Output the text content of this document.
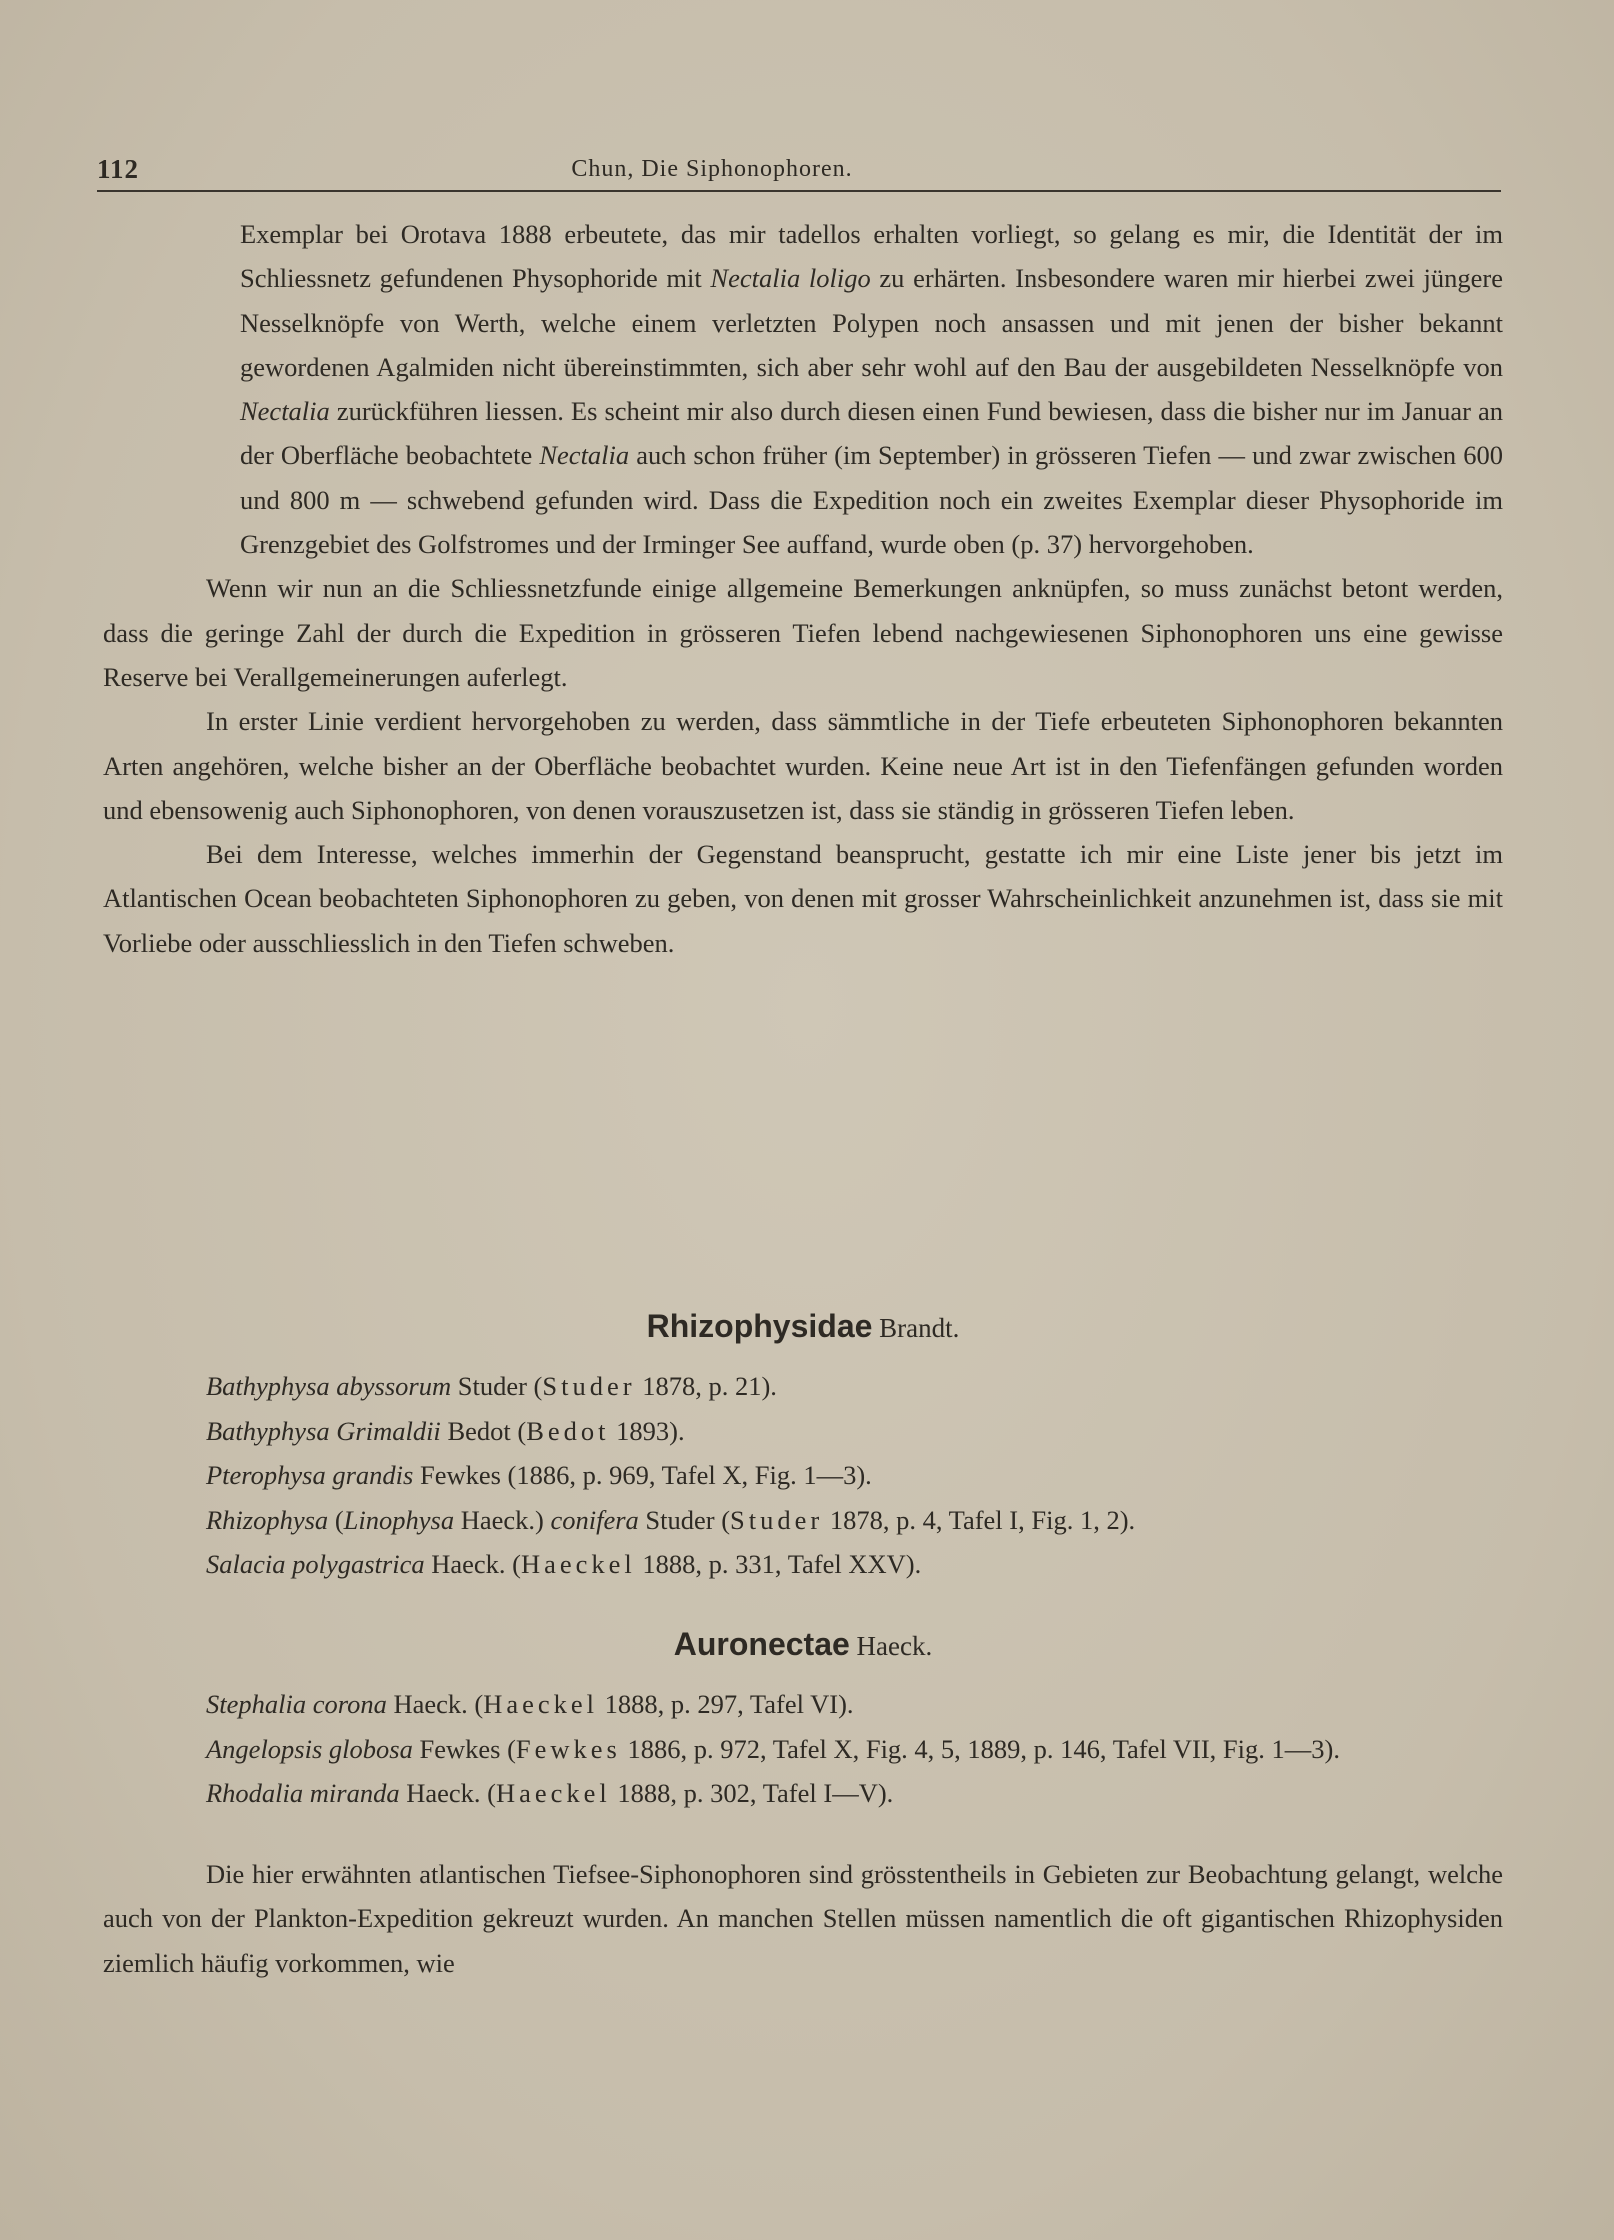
112	Chun, Die Siphonophoren.

Exemplar bei Orotava 1888 erbeutete, das mir tadellos erhalten vorliegt, so gelang es mir, die Identität der im Schliessnetz gefundenen Physophoride mit Nectalia loligo zu erhärten. Insbesondere waren mir hierbei zwei jüngere Nesselknöpfe von Werth, welche einem verletzten Polypen noch ansassen und mit jenen der bisher bekannt gewordenen Agalmiden nicht übereinstimmten, sich aber sehr wohl auf den Bau der ausgebildeten Nesselknöpfe von Nectalia zurückführen liessen. Es scheint mir also durch diesen einen Fund bewiesen, dass die bisher nur im Januar an der Oberfläche beobachtete Nectalia auch schon früher (im September) in grösseren Tiefen — und zwar zwischen 600 und 800 m — schwebend gefunden wird. Dass die Expedition noch ein zweites Exemplar dieser Physophoride im Grenzgebiet des Golfstromes und der Irminger See auffand, wurde oben (p. 37) hervorgehoben.

Wenn wir nun an die Schliessnetzfunde einige allgemeine Bemerkungen anknüpfen, so muss zunächst betont werden, dass die geringe Zahl der durch die Expedition in grösseren Tiefen lebend nachgewiesenen Siphonophoren uns eine gewisse Reserve bei Verallgemeinerungen auferlegt.

In erster Linie verdient hervorgehoben zu werden, dass sämmtliche in der Tiefe erbeuteten Siphonophoren bekannten Arten angehören, welche bisher an der Oberfläche beobachtet wurden. Keine neue Art ist in den Tiefenfängen gefunden worden und ebensowenig auch Siphonophoren, von denen vorauszusetzen ist, dass sie ständig in grösseren Tiefen leben.

Bei dem Interesse, welches immerhin der Gegenstand beansprucht, gestatte ich mir eine Liste jener bis jetzt im Atlantischen Ocean beobachteten Siphonophoren zu geben, von denen mit grosser Wahrscheinlichkeit anzunehmen ist, dass sie mit Vorliebe oder ausschliesslich in den Tiefen schweben.

Rhizophysidae Brandt.

Bathyphysa abyssorum Studer (Studer 1878, p. 21).

Bathyphysa Grimaldii Bedot (Bedot 1893).

Pterophysa grandis Fewkes (1886, p. 969, Tafel X, Fig. 1—3).

Rhizophysa (Linophysa Haeck.) conifera Studer (Studer 1878, p. 4, Tafel I, Fig. 1, 2).

Salacia polygastrica Haeck. (Haeckel 1888, p. 331, Tafel XXV).

Auronectae Haeck.

Stephalia corona Haeck. (Haeckel 1888, p. 297, Tafel VI).

Angelopsis globosa Fewkes (Fewkes 1886, p. 972, Tafel X, Fig. 4, 5, 1889, p. 146, Tafel VII, Fig. 1—3).

Rhodalia miranda Haeck. (Haeckel 1888, p. 302, Tafel I—V).

Die hier erwähnten atlantischen Tiefsee-Siphonophoren sind grösstentheils in Gebieten zur Beobachtung gelangt, welche auch von der Plankton-Expedition gekreuzt wurden. An manchen Stellen müssen namentlich die oft gigantischen Rhizophysiden ziemlich häufig vorkommen, wie
